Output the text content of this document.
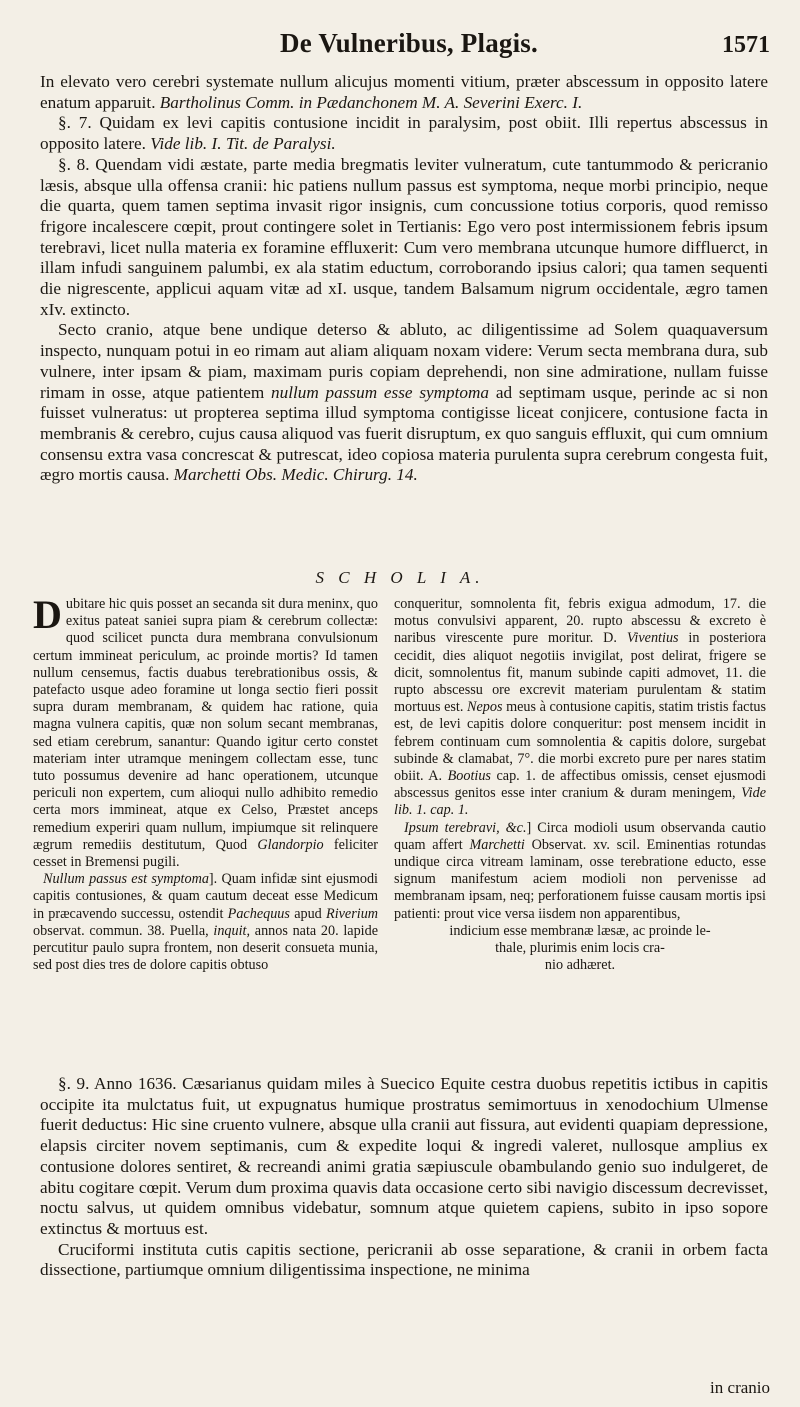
De Vulneribus, Plagis.	1571

In elevato vero cerebri systemate nullum alicujus momenti vitium, præter abscessum in opposito latere enatum apparuit. Bartholinus Comm. in Pædanchonem M. A. Severini Exerc. I.

§. 7. Quidam ex levi capitis contusione incidit in paralysim, post obiit. Illi repertus abscessus in opposito latere. Vide lib. I. Tit. de Paralysi.

§. 8. Quendam vidi æstate, parte media bregmatis leviter vulneratum, cute tantummodo & pericranio læsis, absque ulla offensa cranii: hic patiens nullum passus est symptoma, neque morbi principio, neque die quarta, quem tamen septima invasit rigor insignis, cum concussione totius corporis, quod remisso frigore incalescere cœpit, prout contingere solet in Tertianis: Ego vero post intermissionem febris ipsum terebravi, licet nulla materia ex foramine effluxerit: Cum vero membrana utcunque humore diffluerct, in illam infudi sanguinem palumbi, ex ala statim eductum, corroborando ipsius calori; qua tamen sequenti die nigrescente, applicui aquam vitæ ad xI. usque, tandem Balsamum nigrum occidentale, ægro tamen xIv. extincto.

Secto cranio, atque bene undique deterso & abluto, ac diligentissime ad Solem quaquaversum inspecto, nunquam potui in eo rimam aut aliam aliquam noxam videre: Verum secta membrana dura, sub vulnere, inter ipsam & piam, maximam puris copiam deprehendi, non sine admiratione, nullam fuisse rimam in osse, atque patientem nullum passum esse symptoma ad septimam usque, perinde ac si non fuisset vulneratus: ut propterea septima illud symptoma contigisse liceat conjicere, contusione facta in membranis & cerebro, cujus causa aliquod vas fuerit disruptum, ex quo sanguis effluxit, qui cum omnium consensu extra vasa concrescat & putrescat, ideo copiosa materia purulenta supra cerebrum congesta fuit, ægro mortis causa. Marchetti Obs. Medic. Chirurg. 14.

S C H O L I A.

Dubitare hic quis posset an secanda sit dura meninx, quo exitus pateat saniei supra piam & cerebrum collectæ: quod scilicet puncta dura membrana convulsionum certum immineat periculum, ac proinde mortis? Id tamen nullum censemus, factis duabus terebrationibus ossis, & patefacto usque adeo foramine ut longa sectio fieri possit supra duram membranam, & quidem hac ratione, quia magna vulnera capitis, quæ non solum secant membranas, sed etiam cerebrum, sanantur: Quando igitur certo constet materiam inter utramque meningem collectam esse, tunc tuto possumus devenire ad hanc operationem, utcunque periculi non expertem, cum alioqui nullo adhibito remedio certa mors immineat, atque ex Celso, Præstet anceps remedium experiri quam nullum, impiumque sit relinquere ægrum remediis destitutum, Quod Glandorpio feliciter cesset in Bremensi pugili.

Nullum passus est symptoma]. Quam infidæ sint ejusmodi capitis contusiones, & quam cautum deceat esse Medicum in præcavendo successu, ostendit Pachequus apud Riverium observat. commun. 38. Puella, inquit, annos nata 20. lapide percutitur paulo supra frontem, non deserit consueta munia, sed post dies tres de dolore capitis obtuso

conqueritur, somnolenta fit, febris exigua admodum, 17. die motus convulsivi apparent, 20. rupto abscessu & excreto è naribus virescente pure moritur. D. Viventius in posteriora cecidit, dies aliquot negotiis invigilat, post delirat, frigere se dicit, somnolentus fit, manum subinde capiti admovet, 11. die rupto abscessu ore excrevit materiam purulentam & statim mortuus est. Nepos meus à contusione capitis, statim tristis factus est, de levi capitis dolore conqueritur: post mensem incidit in febrem continuam cum somnolentia & capitis dolore, surgebat subinde & clamabat, 7°. die morbi excreto pure per nares statim obiit. A. Bootius cap. 1. de affectibus omissis, censet ejusmodi abscessus genitos esse inter cranium & duram meningem, Vide lib. 1. cap. 1.

Ipsum terebravi, &c.] Circa modioli usum observanda cautio quam affert Marchetti Observat. xv. scil. Eminentias rotundas undique circa vitream laminam, osse terebratione educto, esse signum manifestum aciem modioli non pervenisse ad membranam ipsam, neq; perforationem fuisse causam mortis ipsi patienti: prout vice versa iisdem non apparentibus,

indicium esse membranæ læsæ, ac proinde le-

thale, plurimis enim locis cra-

nio adhæret.

§. 9. Anno 1636. Cæsarianus quidam miles à Suecico Equite cestra duobus repetitis ictibus in capitis occipite ita mulctatus fuit, ut expugnatus humique prostratus semimortuus in xenodochium Ulmense fuerit deductus: Hic sine cruento vulnere, absque ulla cranii aut fissura, aut evidenti quapiam depressione, elapsis circiter novem septimanis, cum & expedite loqui & ingredi valeret, nullosque amplius ex contusione dolores sentiret, & recreandi animi gratia sæpiuscule obambulando genio suo indulgeret, de abitu cogitare cœpit. Verum dum proxima quavis data occasione certo sibi navigio discessum decrevisset, noctu salvus, ut quidem omnibus videbatur, somnum atque quietem capiens, subito in ipso sopore extinctus & mortuus est.

Cruciformi instituta cutis capitis sectione, pericranii ab osse separatione, & cranii in orbem facta dissectione, partiumque omnium diligentissima inspectione, ne minima

in cranio
